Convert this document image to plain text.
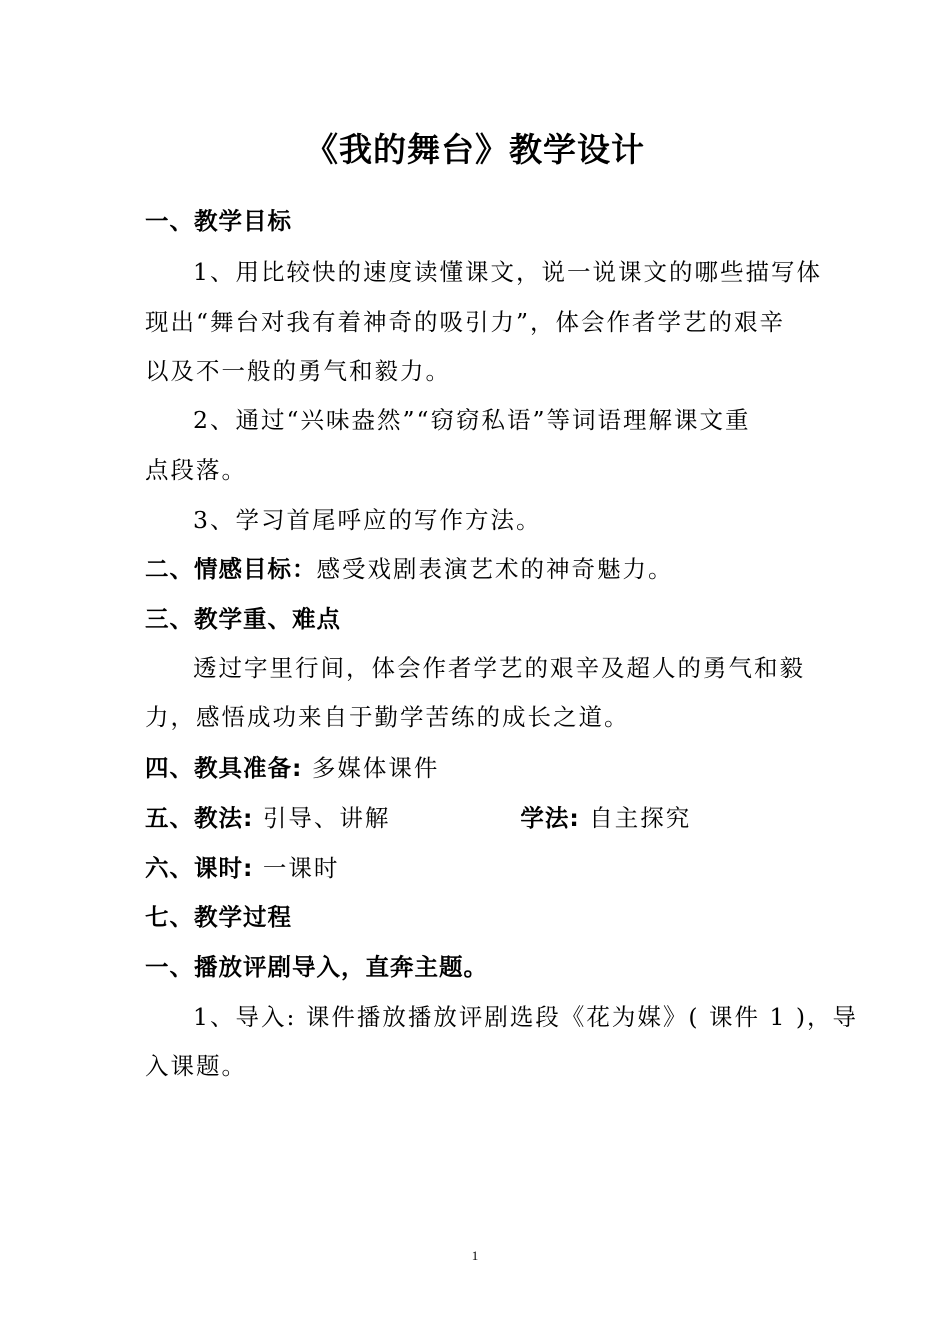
《我的舞台》教学设计
一、教学目标
1、用比较快的速度读懂课文，说一说课文的哪些描写体
现出“舞台对我有着神奇的吸引力”，体会作者学艺的艰辛
以及不一般的勇气和毅力。
2、通过“兴味盎然”“窃窃私语”等词语理解课文重
点段落。
3、学习首尾呼应的写作方法。
二、情感目标：感受戏剧表演艺术的神奇魅力。
三、教学重、难点
透过字里行间，体会作者学艺的艰辛及超人的勇气和毅
力，感悟成功来自于勤学苦练的成长之道。
四、教具准备: 多媒体课件
五、教法: 引导、讲解	学法: 自主探究
六、课时: 一课时
七、教学过程
一、播放评剧导入，直奔主题。
1、导入: 课件播放播放评剧选段《花为媒》( 课件 1 )，导
入课题。
1
